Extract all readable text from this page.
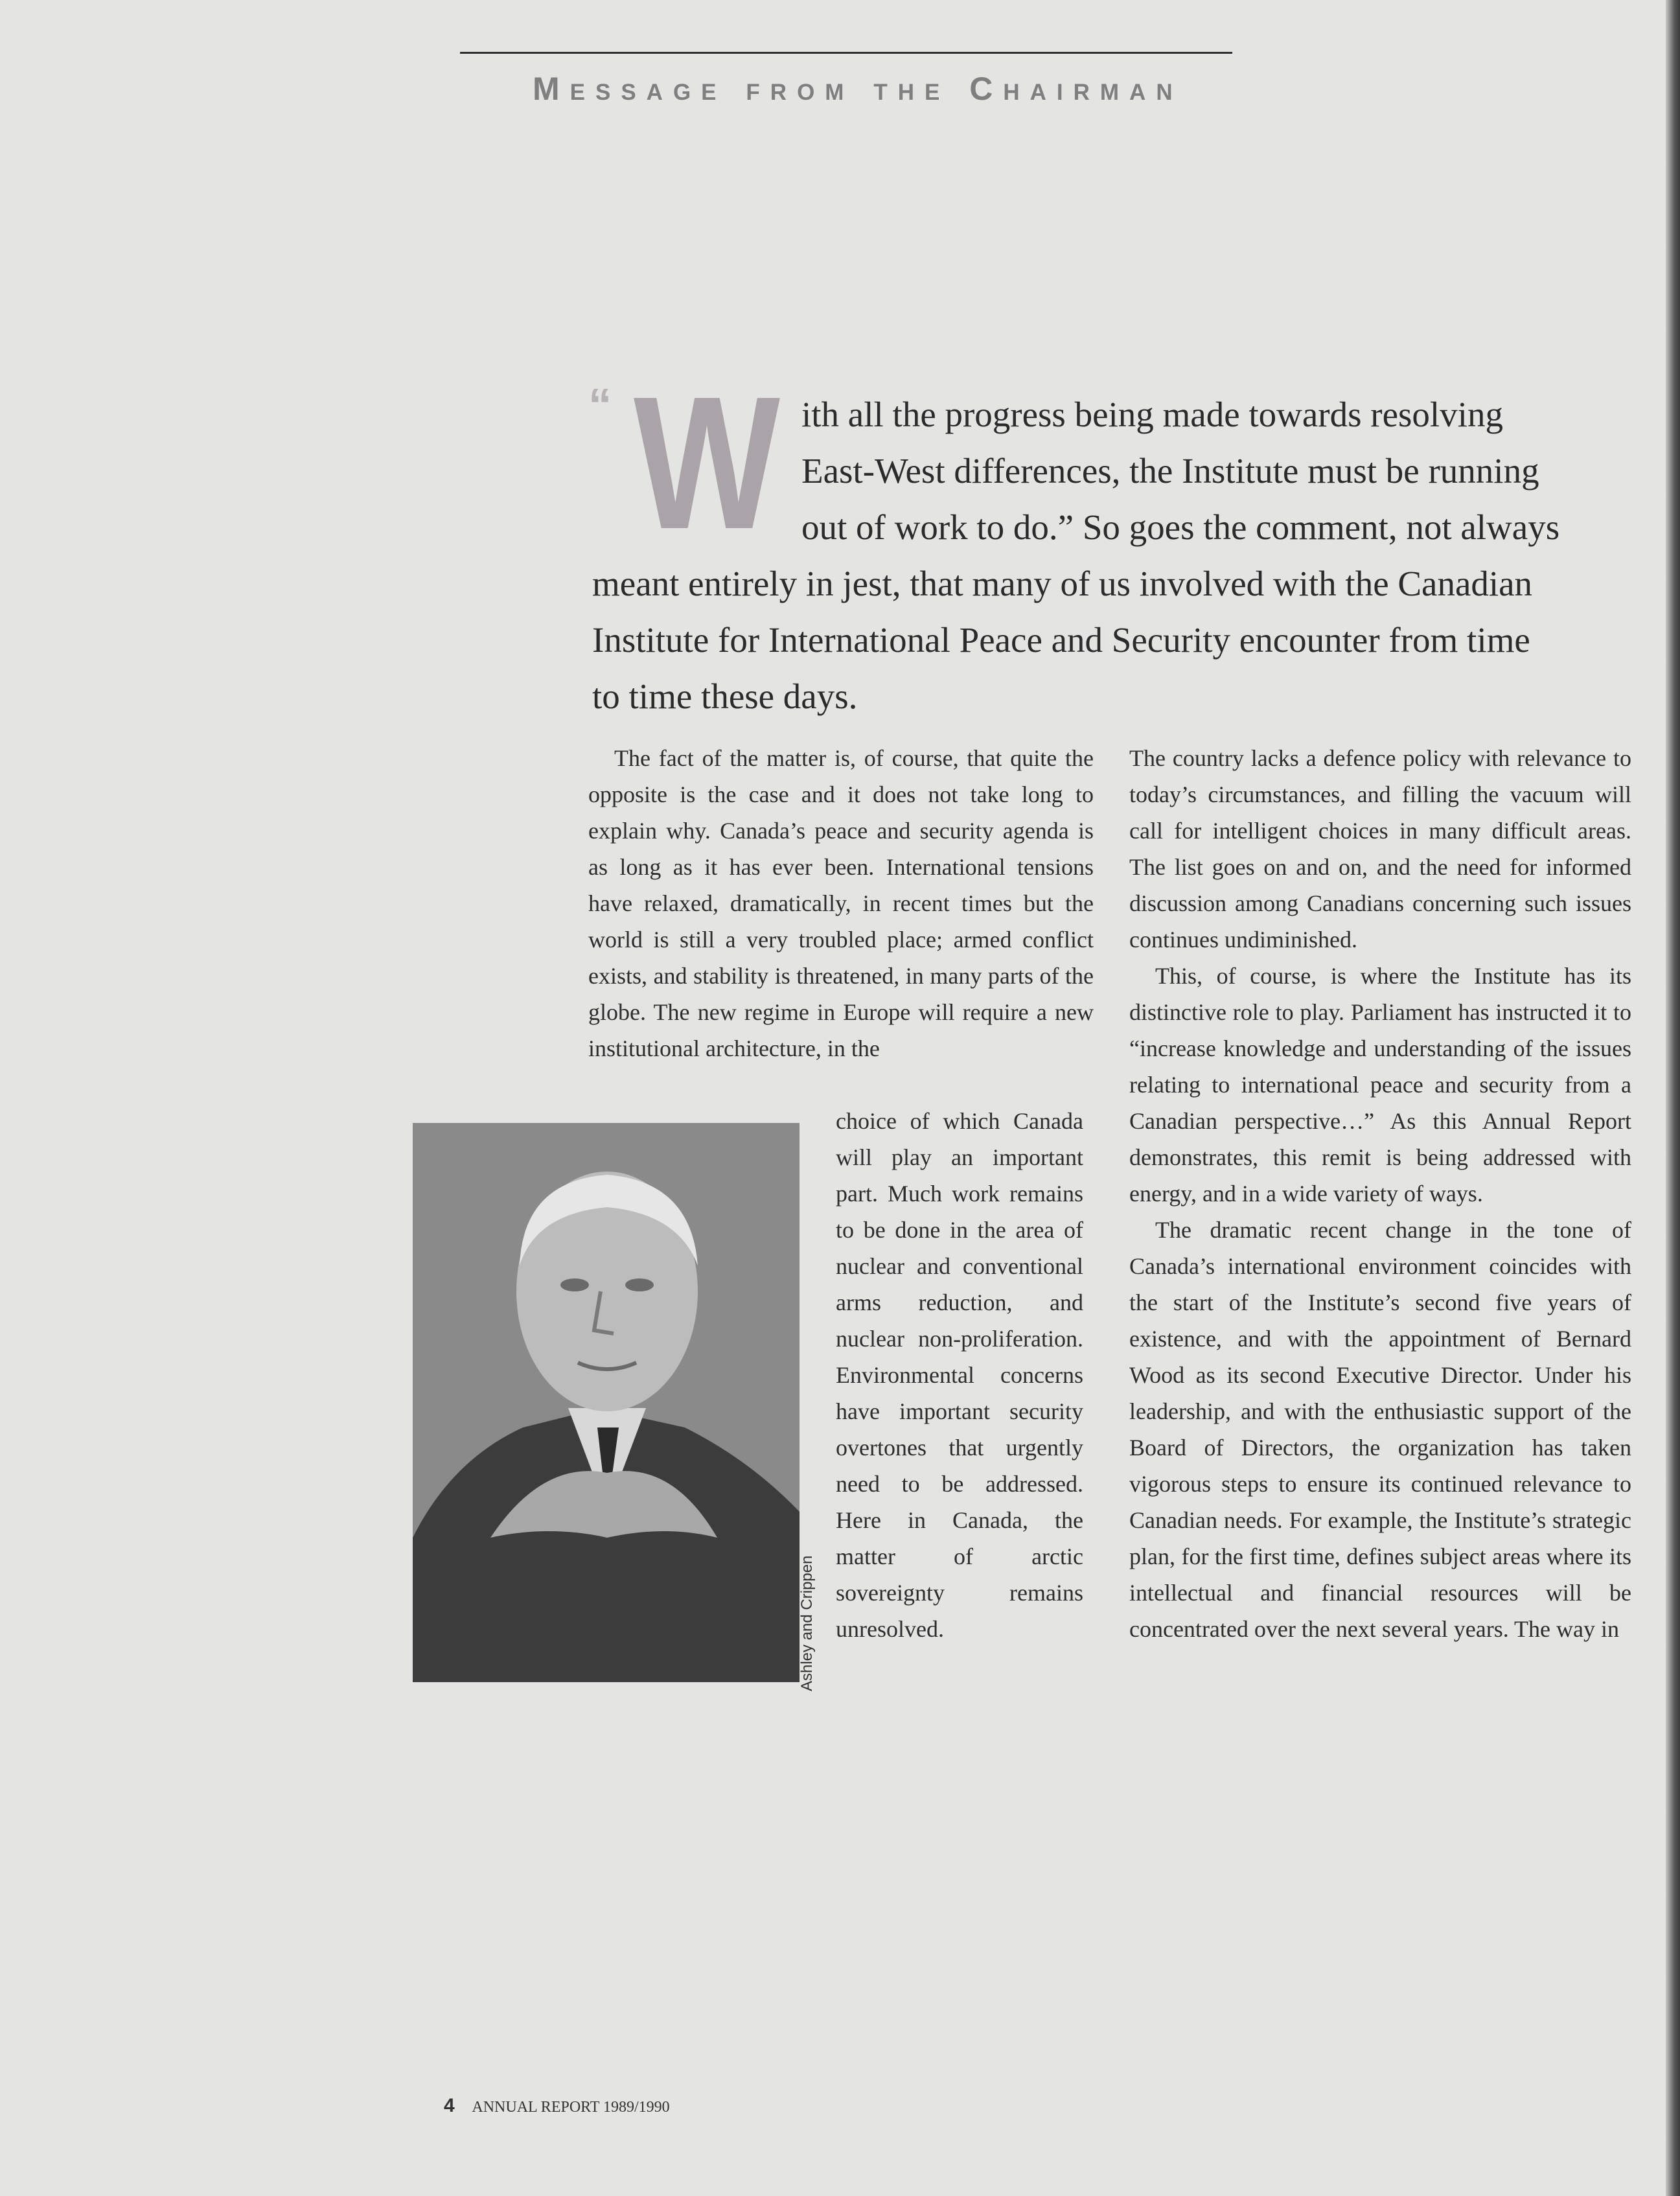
Message from the Chairman
“ W ith all the progress being made towards resolving
East-West differences, the Institute must be running
out of work to do.” So goes the comment, not always
meant entirely in jest, that many of us involved with the Canadian
Institute for International Peace and Security encounter from time
to time these days.

The fact of the matter is, of course, that quite the opposite is the case and it does not take long to explain why. Canada’s peace and security agenda is as long as it has ever been. International tensions have relaxed, dramatically, in recent times but the world is still a very troubled place; armed conflict exists, and stability is threatened, in many parts of the globe. The new regime in Europe will require a new institutional architecture, in the

choice of which Canada will play an important part. Much work remains to be done in the area of nuclear and conventional arms reduction, and nuclear non-proliferation. Environmental concerns have important security overtones that urgently need to be addressed. Here in Canada, the matter of arctic sovereignty remains unresolved.

Ashley and Crippen

The country lacks a defence policy with relevance to today’s circumstances, and filling the vacuum will call for intelligent choices in many difficult areas. The list goes on and on, and the need for informed discussion among Canadians concerning such issues continues undiminished.

This, of course, is where the Institute has its distinctive role to play. Parliament has instructed it to “increase knowledge and understanding of the issues relating to international peace and security from a Canadian perspective…” As this Annual Report demonstrates, this remit is being addressed with energy, and in a wide variety of ways.

The dramatic recent change in the tone of Canada’s international environment coincides with the start of the Institute’s second five years of existence, and with the appointment of Bernard Wood as its second Executive Director. Under his leadership, and with the enthusiastic support of the Board of Directors, the organization has taken vigorous steps to ensure its continued relevance to Canadian needs. For example, the Institute’s strategic plan, for the first time, defines subject areas where its intellectual and financial resources will be concentrated over the next several years. The way in

4 ANNUAL REPORT 1989/1990
